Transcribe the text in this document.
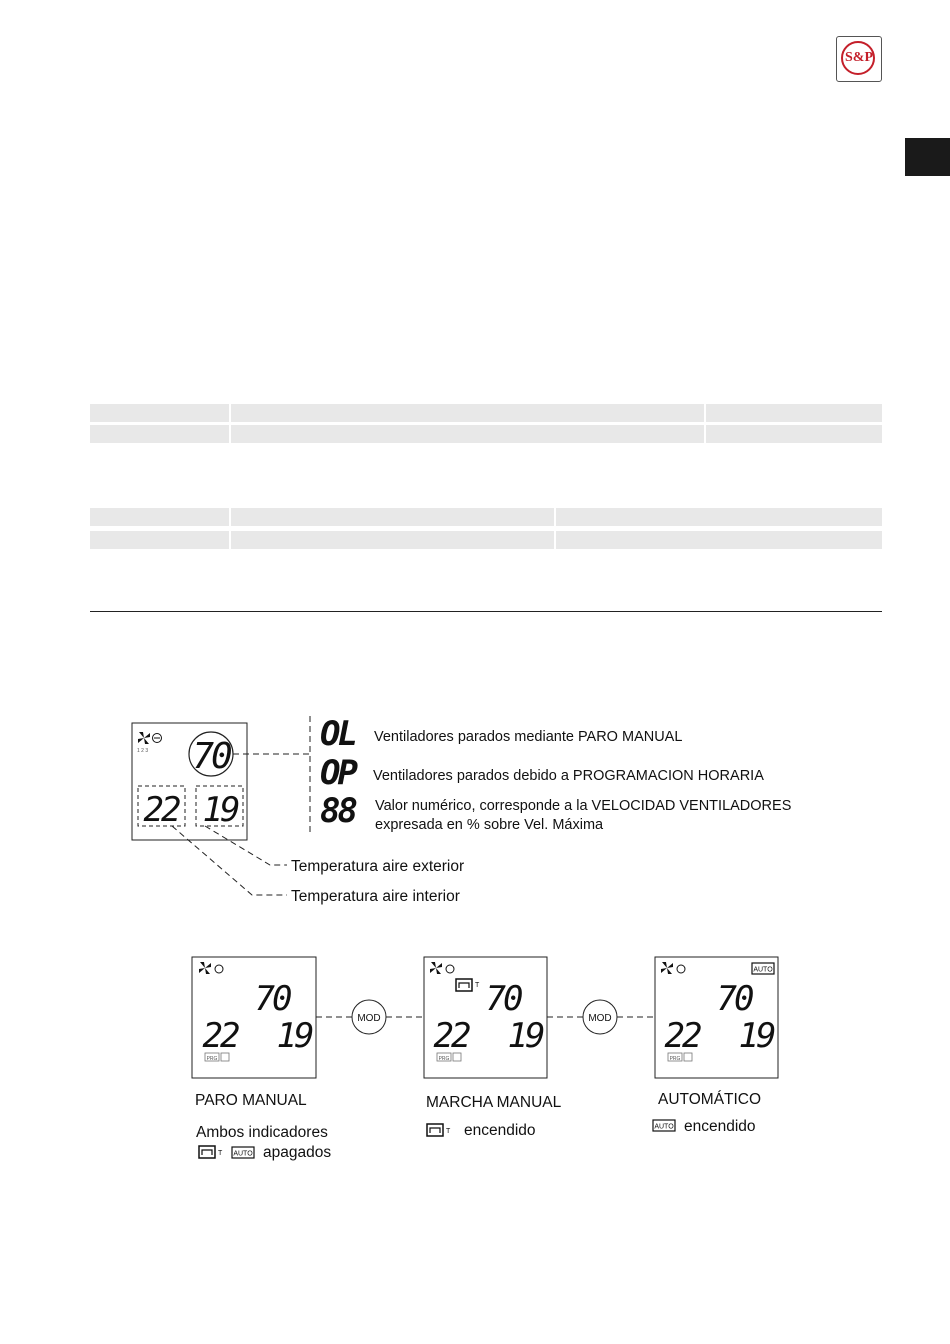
S&P
1 2 3 70
22 19
OL
OP
88
Ventiladores parados mediante PARO MANUAL
Ventiladores parados debido a PROGRAMACION HORARIA
Valor numérico, corresponde a la VELOCIDAD VENTILADORES
expresada en % sobre Vel. Máxima
Temperatura aire exterior
Temperatura aire interior
70
22 19
PRG
T 70
22 19
PRG
AUTO
70
22 19
PRG
MOD	MOD
PARO MANUAL
Ambos indicadores
T AUTO apagados
MARCHA MANUAL
T encendido
AUTOMÁTICO
AUTO encendido
